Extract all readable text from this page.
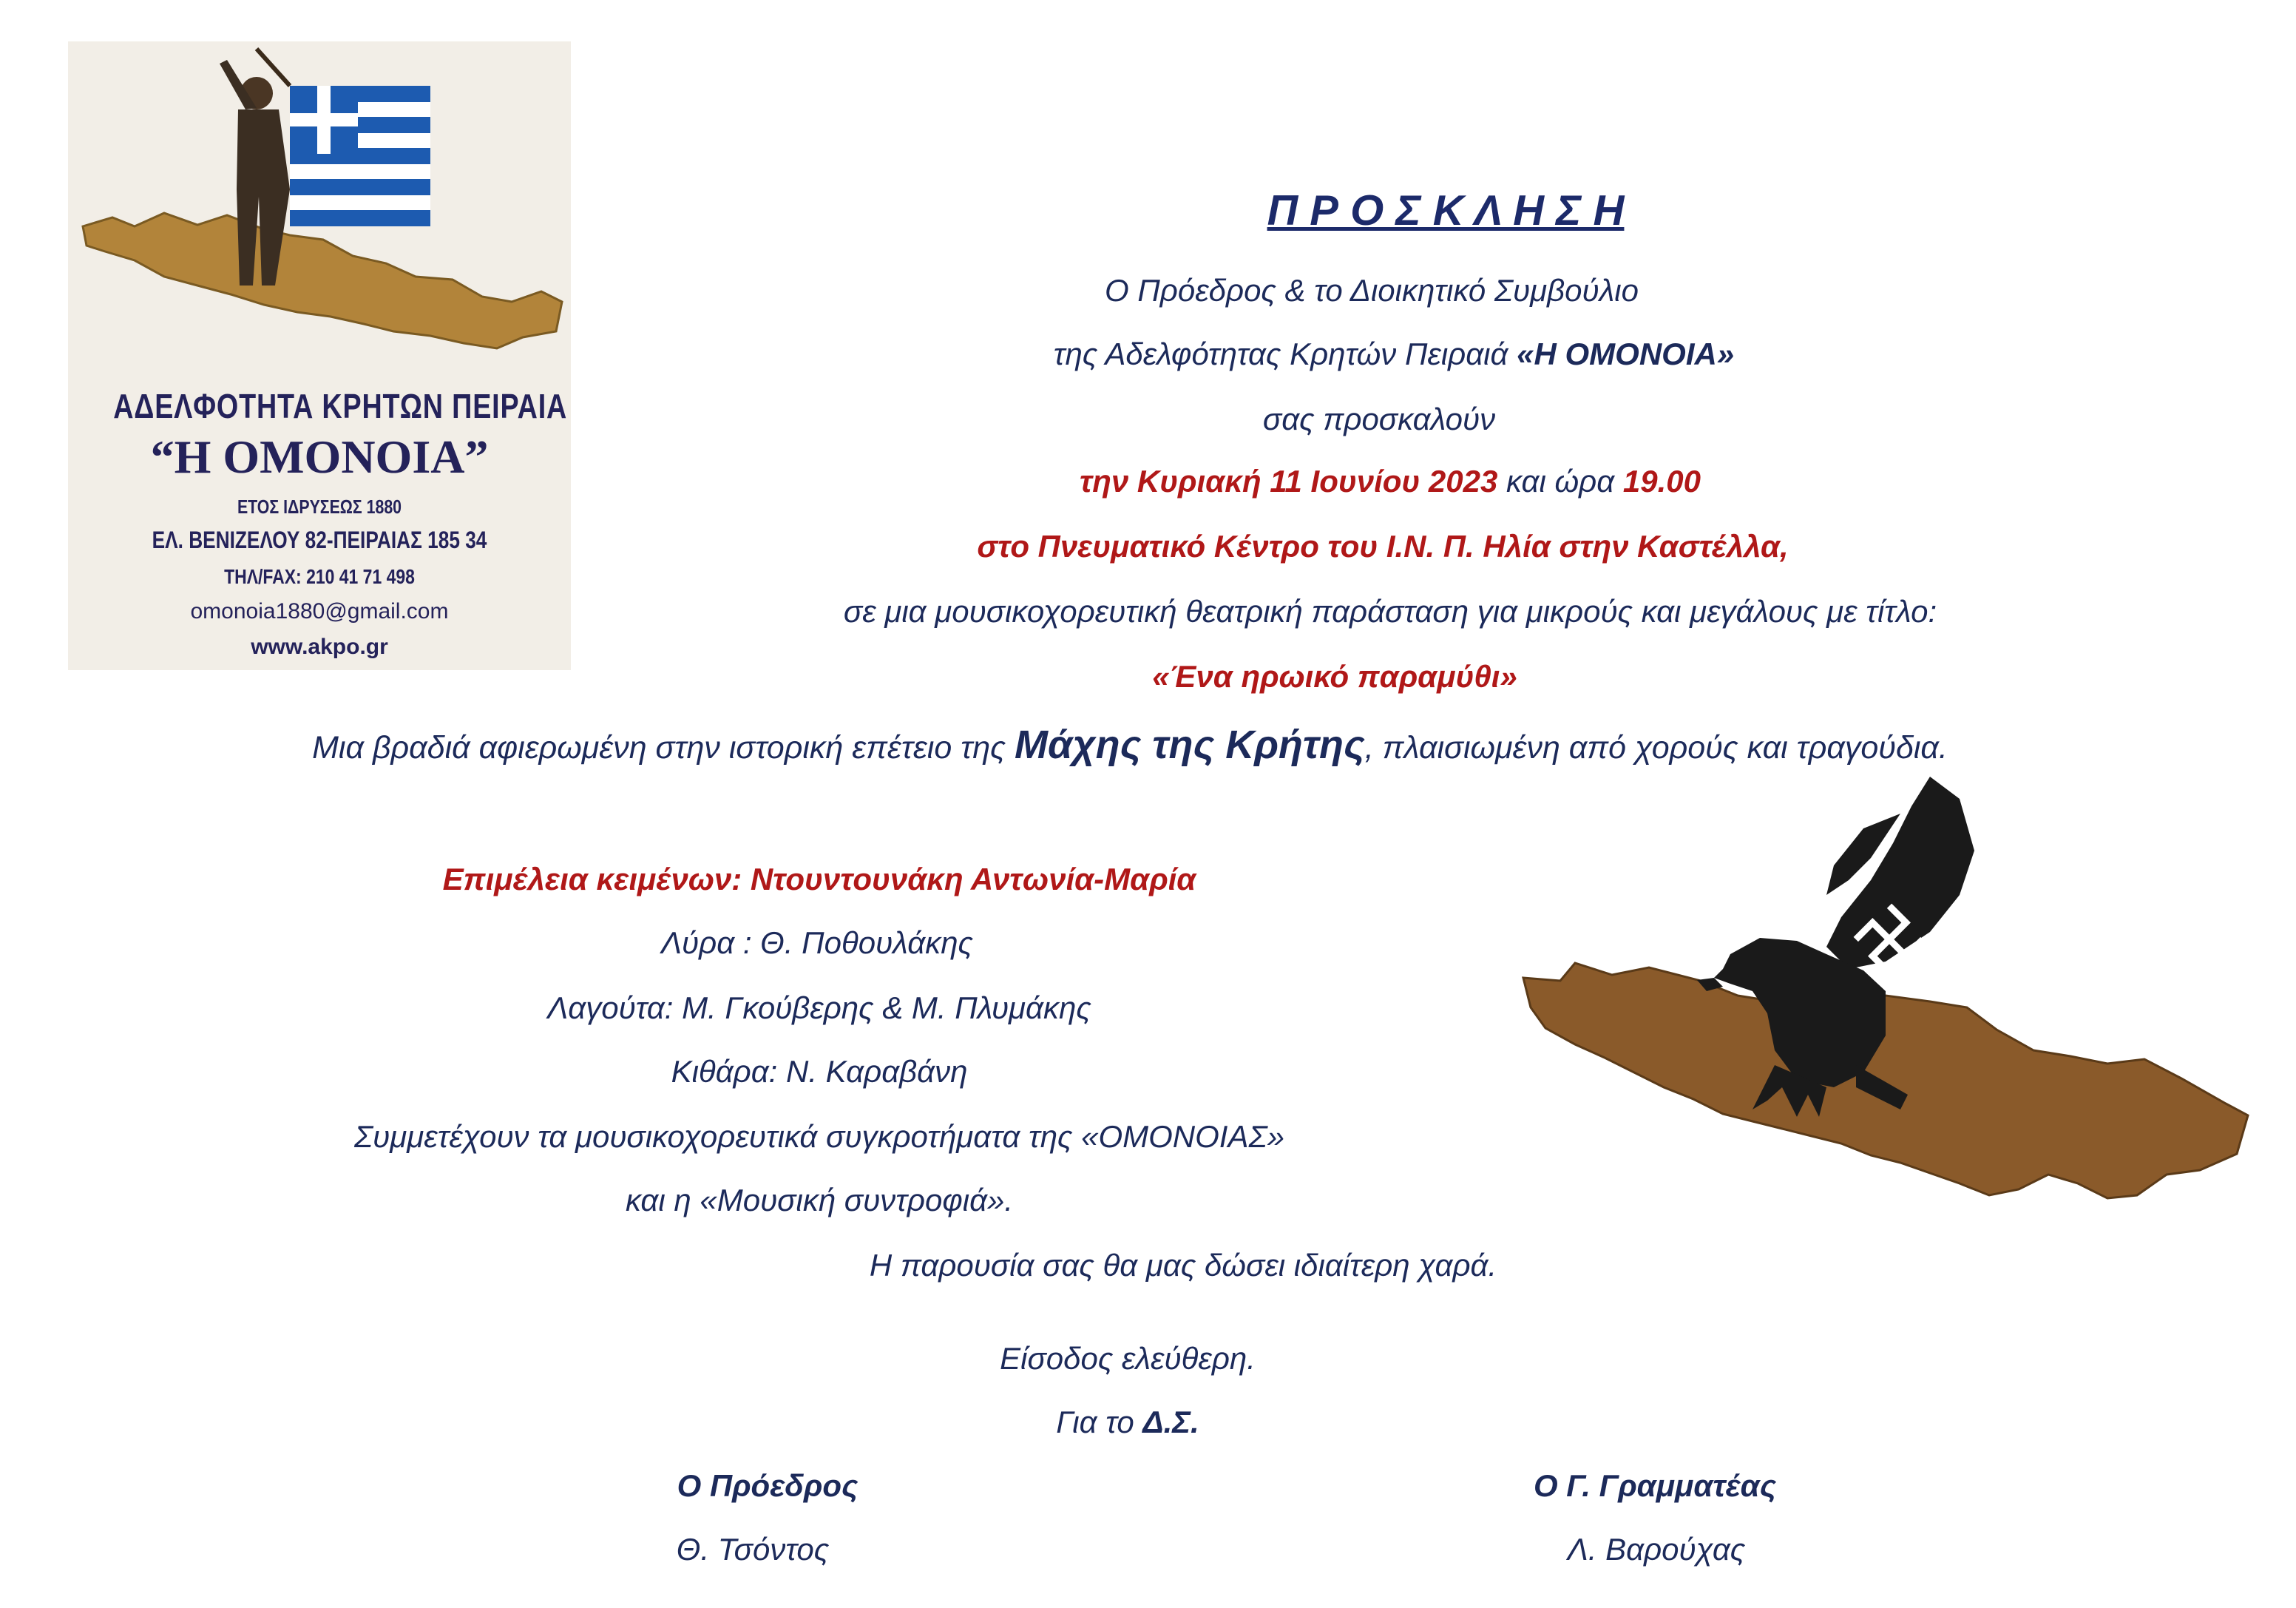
ΑΔΕΛΦΟΤΗΤΑ ΚΡΗΤΩΝ ΠΕΙΡΑΙΑ
“Η ΟΜΟΝΟΙΑ”
ΕΤΟΣ ΙΔΡΥΣΕΩΣ 1880
ΕΛ. ΒΕΝΙΖΕΛΟΥ 82-ΠΕΙΡΑΙΑΣ 185 34
ΤΗΛ/FAX: 210 41 71 498
omonoia1880@gmail.com
www.akpo.gr
Π Ρ Ο Σ Κ Λ Η Σ Η
Ο Πρόεδρος & το Διοικητικό Συμβούλιο
της Αδελφότητας Κρητών Πειραιά «Η ΟΜΟΝΟΙΑ»
σας προσκαλούν
την Κυριακή 11 Ιουνίου 2023 και ώρα 19.00
στο Πνευματικό Κέντρο του Ι.Ν. Π. Ηλία στην Καστέλλα,
σε μια μουσικοχορευτική θεατρική παράσταση για μικρούς και μεγάλους με τίτλο:
«Ένα ηρωικό παραμύθι»
Μια βραδιά αφιερωμένη στην ιστορική επέτειο της Μάχης της Κρήτης, πλαισιωμένη από χορούς και τραγούδια.
Επιμέλεια κειμένων: Ντουντουνάκη Αντωνία-Μαρία
Λύρα : Θ. Ποθουλάκης
Λαγούτα: Μ. Γκούβερης & Μ. Πλυμάκης
Κιθάρα: Ν. Καραβάνη
Συμμετέχουν τα μουσικοχορευτικά συγκροτήματα της «ΟΜΟΝΟΙΑΣ»
και η «Μουσική συντροφιά».
Η παρουσία σας θα μας δώσει ιδιαίτερη χαρά.
Είσοδος ελεύθερη.
Για το Δ.Σ.
Ο Πρόεδρος
Θ. Τσόντος
Ο Γ. Γραμματέας
Λ. Βαρούχας
